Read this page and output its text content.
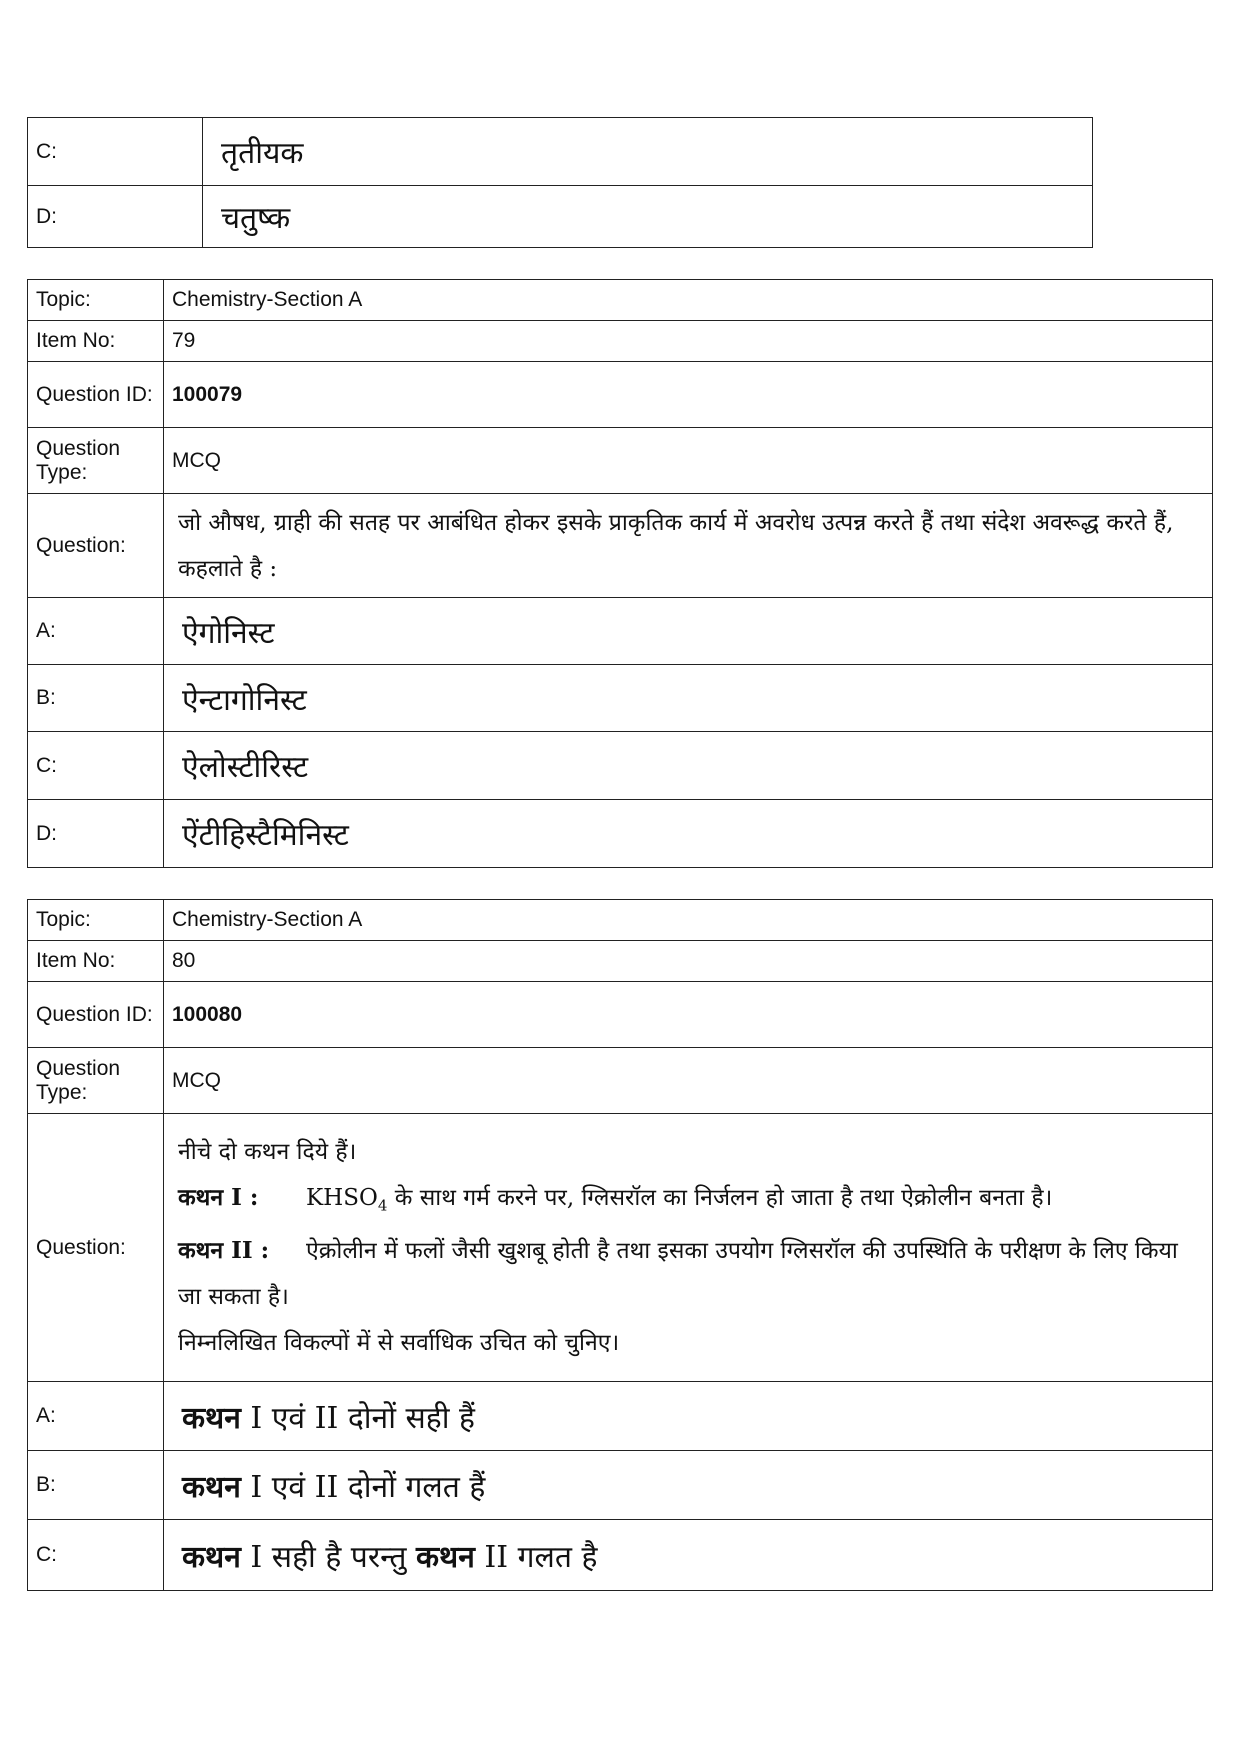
C:	तृतीयक
D:	चतुष्क
Topic:	Chemistry-Section A
Item No:	79
Question ID:	100079
Question Type:	MCQ
Question:	जो औषध, ग्राही की सतह पर आबंधित होकर इसके प्राकृतिक कार्य में अवरोध उत्पन्न करते हैं तथा संदेश अवरूद्ध करते हैं, कहलाते है :
A:	ऐगोनिस्ट
B:	ऐन्टागोनिस्ट
C:	ऐलोस्टीरिस्ट
D:	ऐंटीहिस्टैमिनिस्ट
Topic:	Chemistry-Section A
Item No:	80
Question ID:	100080
Question Type:	MCQ
Question:	नीचे दो कथन दिये हैं।

कथन I : $KHSO_4$ के साथ गर्म करने पर, ग्लिसरॉल का निर्जलन हो जाता है तथा ऐक्रोलीन बनता है।

कथन II : ऐक्रोलीन में फलों जैसी खुशबू होती है तथा इसका उपयोग ग्लिसरॉल की उपस्थिति के परीक्षण के लिए किया जा सकता है।

निम्नलिखित विकल्पों में से सर्वाधिक उचित को चुनिए।

A:	कथन I एवं II दोनों सही हैं
B:	कथन I एवं II दोनों गलत हैं
C:	कथन I सही है परन्तु कथन II गलत है
